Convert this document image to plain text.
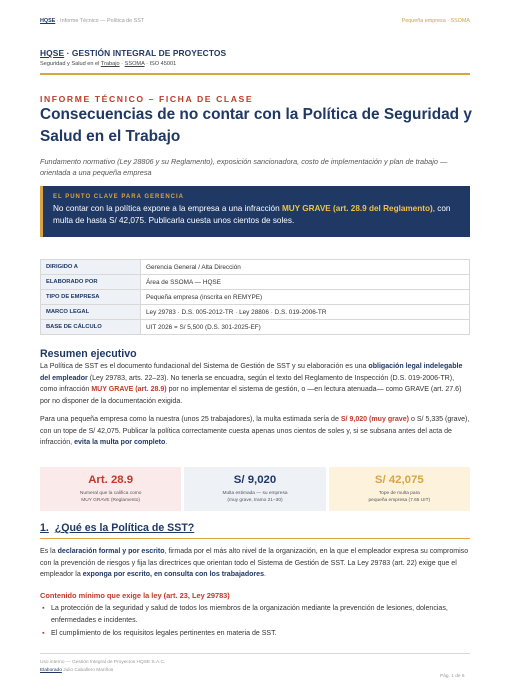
HQSE · Informe Técnico — Política de SST	Pequeña empresa · SSOMA
HQSE · GESTIÓN INTEGRAL DE PROYECTOS
Seguridad y Salud en el Trabajo · SSOMA · ISO 45001
INFORME TÉCNICO – FICHA DE CLASE
Consecuencias de no contar con la Política de Seguridad y Salud en el Trabajo
Fundamento normativo (Ley 28806 y su Reglamento), exposición sancionadora, costo de implementación y plan de trabajo — orientada a una pequeña empresa
EL PUNTO CLAVE PARA GERENCIA
No contar con la política expone a la empresa a una infracción MUY GRAVE (art. 28.9 del Reglamento), con multa de hasta S/ 42,075. Publicarla cuesta unos cientos de soles.
DIRIGIDO A	Gerencia General / Alta Dirección
ELABORADO POR	Área de SSOMA — HQSE
TIPO DE EMPRESA	Pequeña empresa (inscrita en REMYPE)
MARCO LEGAL	Ley 29783 · D.S. 005-2012-TR · Ley 28806 · D.S. 019-2006-TR
BASE DE CÁLCULO	UIT 2026 = S/ 5,500 (D.S. 301-2025-EF)
Resumen ejecutivo

La Política de SST es el documento fundacional del Sistema de Gestión de SST y su elaboración es una obligación legal indelegable del empleador (Ley 29783, arts. 22–23). No tenerla se encuadra, según el texto del Reglamento de Inspección (D.S. 019-2006-TR), como infracción MUY GRAVE (art. 28.9) por no implementar el sistema de gestión, o —en lectura atenuada— como GRAVE (art. 27.6) por no disponer de la documentación exigida.

Para una pequeña empresa como la nuestra (unos 25 trabajadores), la multa estimada sería de S/ 9,020 (muy grave) o S/ 5,335 (grave), con un tope de S/ 42,075. Publicar la política correctamente cuesta apenas unos cientos de soles y, si se subsana antes del acta de infracción, evita la multa por completo.

Art. 28.9
Numeral que la califica como
MUY GRAVE (Reglamento)
S/ 9,020
Multa estimada — su empresa
(muy grave, tramo 21–30)
S/ 42,075
Tope de multa para
pequeña empresa (7.65 UIT)
1. ¿Qué es la Política de SST?

Es la declaración formal y por escrito, firmada por el más alto nivel de la organización, en la que el empleador expresa su compromiso con la prevención de riesgos y fija las directrices que orientan todo el Sistema de Gestión de SST. La Ley 29783 (art. 22) exige que el empleador la exponga por escrito, en consulta con los trabajadores.

Contenido mínimo que exige la ley (art. 23, Ley 29783)
▪ La protección de la seguridad y salud de todos los miembros de la organización mediante la prevención de lesiones, dolencias, enfermedades e incidentes.
▪ El cumplimiento de los requisitos legales pertinentes en materia de SST.
Uso interno — Gestión Integral de Proyectos HQSE S.A.C.
Elaborado Julio Caballero Mariños
Pág. 1 de 6
